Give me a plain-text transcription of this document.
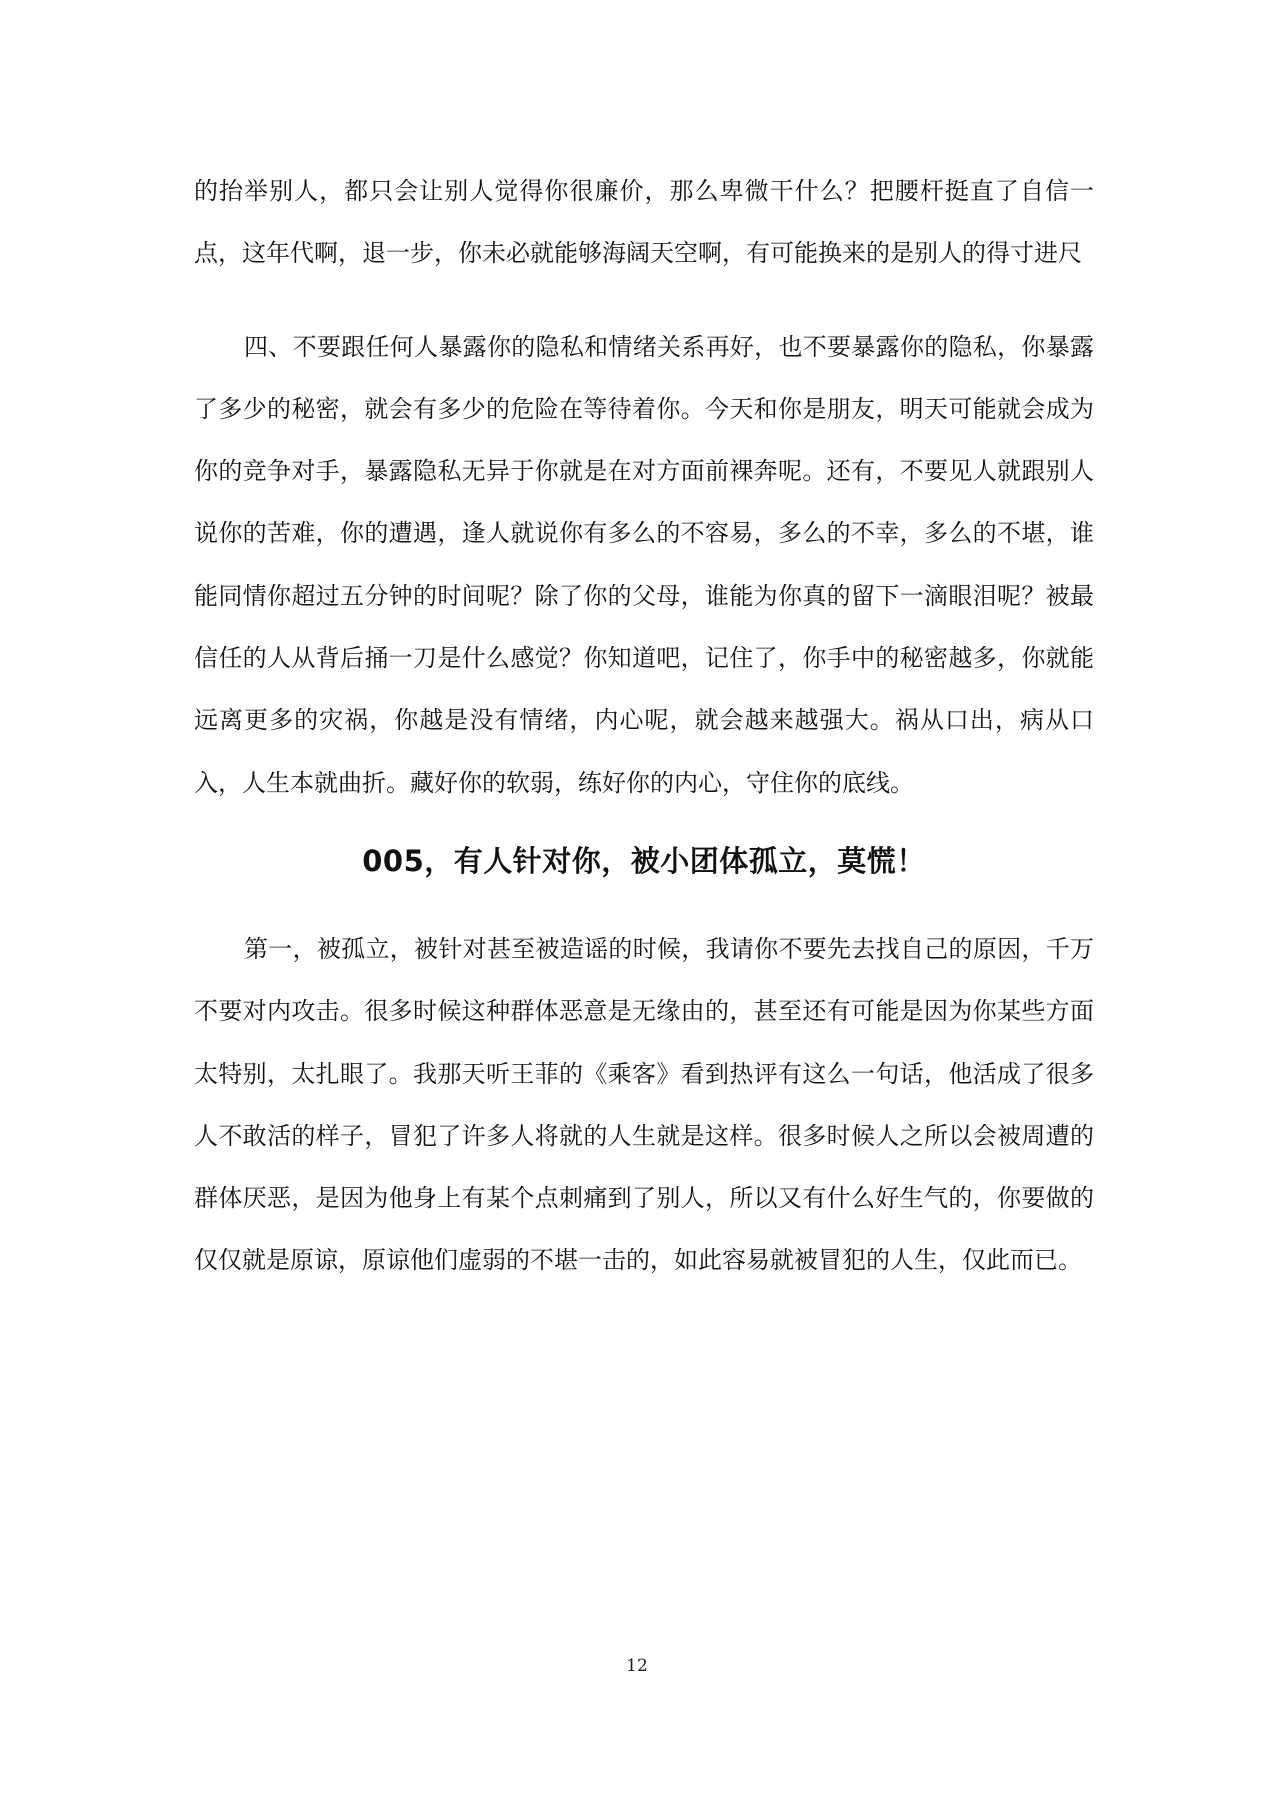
的抬举别人，都只会让别人觉得你很廉价，那么卑微干什么？把腰杆挺直了自信一点，这年代啊，退一步，你未必就能够海阔天空啊，有可能换来的是别人的得寸进尺

四、不要跟任何人暴露你的隐私和情绪关系再好，也不要暴露你的隐私，你暴露了多少的秘密，就会有多少的危险在等待着你。今天和你是朋友，明天可能就会成为你的竞争对手，暴露隐私无异于你就是在对方面前裸奔呢。还有，不要见人就跟别人说你的苦难，你的遭遇，逢人就说你有多么的不容易，多么的不幸，多么的不堪，谁能同情你超过五分钟的时间呢？除了你的父母，谁能为你真的留下一滴眼泪呢？被最信任的人从背后捅一刀是什么感觉？你知道吧，记住了，你手中的秘密越多，你就能远离更多的灾祸，你越是没有情绪，内心呢，就会越来越强大。祸从口出，病从口入，人生本就曲折。藏好你的软弱，练好你的内心，守住你的底线。

005，有人针对你，被小团体孤立，莫慌！

第一，被孤立，被针对甚至被造谣的时候，我请你不要先去找自己的原因，千万不要对内攻击。很多时候这种群体恶意是无缘由的，甚至还有可能是因为你某些方面太特别，太扎眼了。我那天听王菲的《乘客》看到热评有这么一句话，他活成了很多人不敢活的样子，冒犯了许多人将就的人生就是这样。很多时候人之所以会被周遭的群体厌恶，是因为他身上有某个点刺痛到了别人，所以又有什么好生气的，你要做的仅仅就是原谅，原谅他们虚弱的不堪一击的，如此容易就被冒犯的人生，仅此而已。

12
